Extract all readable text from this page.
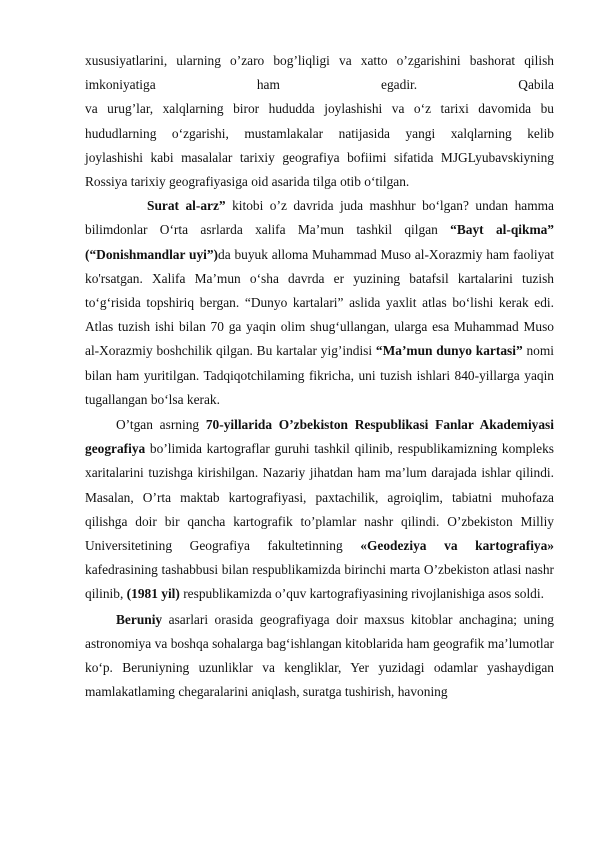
xususiyatlarini, ularning o’zaro bog’liqligi va xatto o’zgarishini bashorat qilish
imkoniyatiga ham egadir.	Qabila
va urug’lar, xalqlarning biror hududda joylashishi va o‘z tarixi davomida bu
hududlarning o‘zgarishi, mustamlakalar natijasida yangi xalqlarning kelib
joylashishi kabi masalalar tarixiy geografiya bofiimi sifatida MJGLyubavskiyning
Rossiya tarixiy geografiyasiga oid asarida tilga otib o‘tilgan.

Surat al-arz” kitobi o’z davrida juda mashhur bo‘lgan? undan hamma bilimdonlar O‘rta asrlarda xalifa Ma’mun tashkil qilgan “Bayt al-qikma” (“Donishmandlar uyi”)da buyuk alloma Muhammad Muso al-Xorazmiy ham faoliyat ko'rsatgan. Xalifa Ma’mun o‘sha davrda er yuzining batafsil kartalarini tuzish to‘g‘risida topshiriq bergan. “Dunyo kartalari” aslida yaxlit atlas bo‘lishi kerak edi. Atlas tuzish ishi bilan 70 ga yaqin olim shug‘ullangan, ularga esa Muhammad Muso al-Xorazmiy boshchilik qilgan. Bu kartalar yig’indisi “Ma’mun dunyo kartasi” nomi bilan ham yuritilgan. Tadqiqotchilaming fikricha, uni tuzish ishlari 840-yillarga yaqin tugallangan bo‘lsa kerak.

O’tgan asrning 70-yillarida O’zbekiston Respublikasi Fanlar Akademiyasi geografiya bo’limida kartograflar guruhi tashkil qilinib, respublikamizning kompleks xaritalarini tuzishga kirishilgan. Nazariy jihatdan ham ma’lum darajada ishlar qilindi. Masalan, O’rta maktab kartografiyasi, paxtachilik, agroiqlim, tabiatni muhofaza qilishga doir bir qancha kartografik to’plamlar nashr qilindi. O’zbekiston Milliy Universitetining Geografiya fakultetinning «Geodeziya va kartografiya» kafedrasining tashabbusi bilan respublikamizda birinchi marta O’zbekiston atlasi nashr qilinib, (1981 yil) respublikamizda o’quv kartografiyasining rivojlanishiga asos soldi.

Beruniy asarlari orasida geografiyaga doir maxsus kitoblar anchagina; uning astronomiya va boshqa sohalarga bag‘ishlangan kitoblarida ham geografik ma’lumotlar ko‘p. Beruniyning uzunliklar va kengliklar, Yer yuzidagi odamlar yashaydigan mamlakatlaming chegaralarini aniqlash, suratga tushirish, havoning
